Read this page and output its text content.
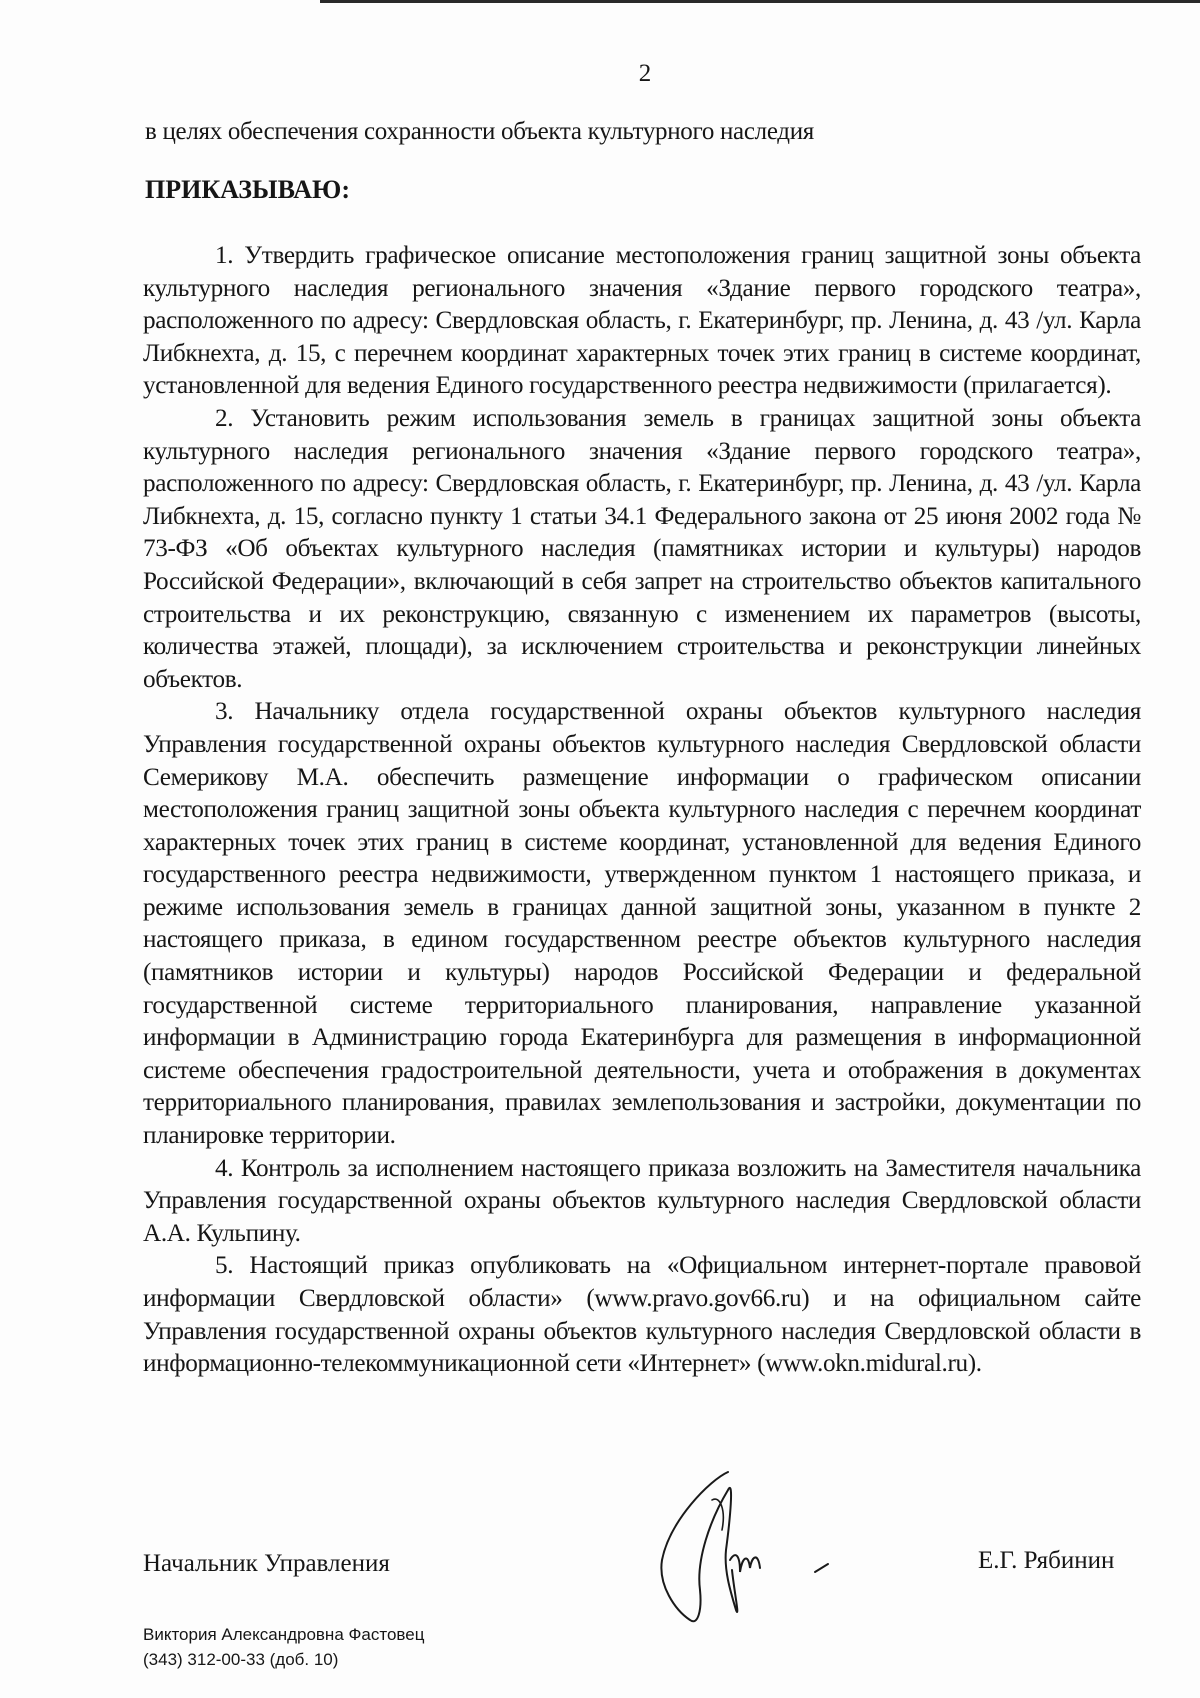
2
в целях обеспечения сохранности объекта культурного наследия
ПРИКАЗЫВАЮ:

1. Утвердить графическое описание местоположения границ защитной зоны объекта культурного наследия регионального значения «Здание первого городского театра», расположенного по адресу: Свердловская область, г. Екатеринбург, пр. Ленина, д. 43 /ул. Карла Либкнехта, д. 15, с перечнем координат характерных точек этих границ в системе координат, установленной для ведения Единого государственного реестра недвижимости (прилагается).

2. Установить режим использования земель в границах защитной зоны объекта культурного наследия регионального значения «Здание первого городского театра», расположенного по адресу: Свердловская область, г. Екатеринбург, пр. Ленина, д. 43 /ул. Карла Либкнехта, д. 15, согласно пункту 1 статьи 34.1 Федерального закона от 25 июня 2002 года № 73-ФЗ «Об объектах культурного наследия (памятниках истории и культуры) народов Российской Федерации», включающий в себя запрет на строительство объектов капитального строительства и их реконструкцию, связанную с изменением их параметров (высоты, количества этажей, площади), за исключением строительства и реконструкции линейных объектов.

3. Начальнику отдела государственной охраны объектов культурного наследия Управления государственной охраны объектов культурного наследия Свердловской области Семерикову М.А. обеспечить размещение информации о графическом описании местоположения границ защитной зоны объекта культурного наследия с перечнем координат характерных точек этих границ в системе координат, установленной для ведения Единого государственного реестра недвижимости, утвержденном пунктом 1 настоящего приказа, и режиме использования земель в границах данной защитной зоны, указанном в пункте 2 настоящего приказа, в едином государственном реестре объектов культурного наследия (памятников истории и культуры) народов Российской Федерации и федеральной государственной системе территориального планирования, направление указанной информации в Администрацию города Екатеринбурга для размещения в информационной системе обеспечения градостроительной деятельности, учета и отображения в документах территориального планирования, правилах землепользования и застройки, документации по планировке территории.

4. Контроль за исполнением настоящего приказа возложить на Заместителя начальника Управления государственной охраны объектов культурного наследия Свердловской области А.А. Кульпину.

5. Настоящий приказ опубликовать на «Официальном интернет-портале правовой информации Свердловской области» (www.pravo.gov66.ru) и на официальном сайте Управления государственной охраны объектов культурного наследия Свердловской области в информационно-телекоммуникационной сети «Интернет» (www.okn.midural.ru).

Начальник Управления	Е.Г. Рябинин
Виктория Александровна Фастовец
(343) 312-00-33 (доб. 10)
